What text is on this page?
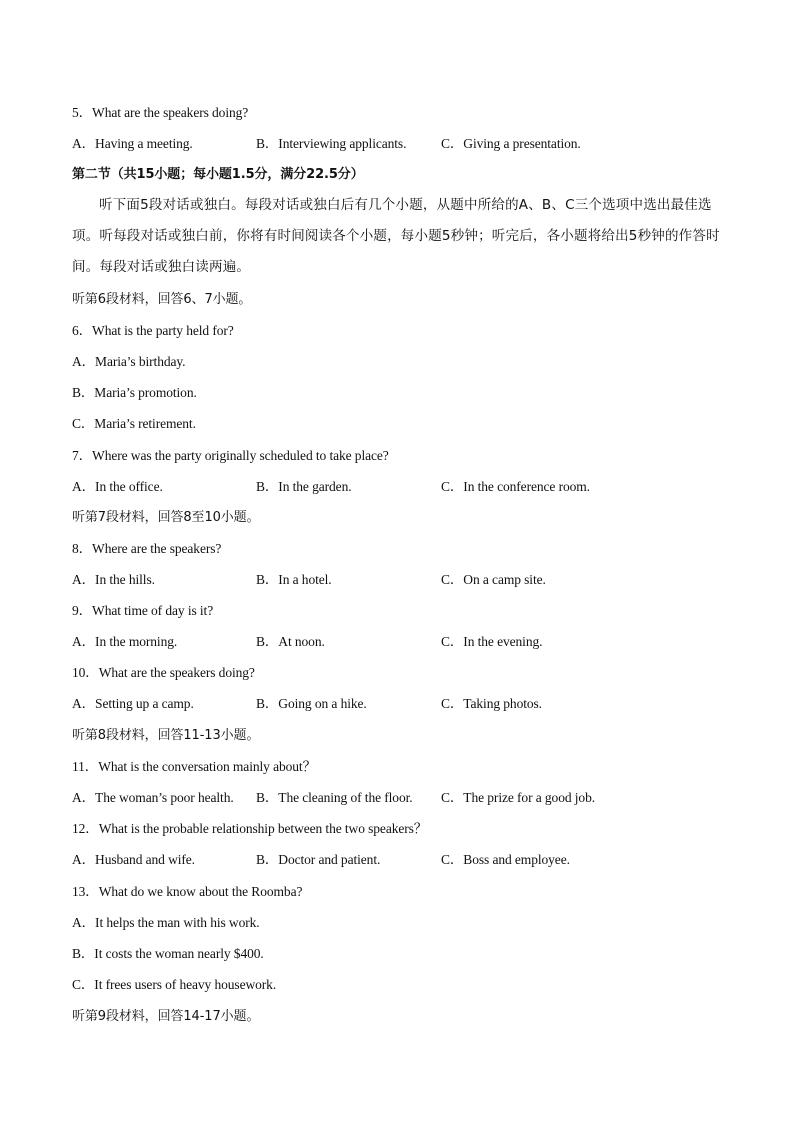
5．What are the speakers doing?
A．Having a meeting.	B．Interviewing applicants.	C．Giving a presentation.
第二节（共15小题；每小题1.5分，满分22.5分）
听下面5段对话或独白。每段对话或独白后有几个小题，从题中所给的A、B、C三个选项中选出最佳选项。听每段对话或独白前，你将有时间阅读各个小题，每小题5秒钟；听完后，各小题将给出5秒钟的作答时间。每段对话或独白读两遍。
听第6段材料，回答6、7小题。
6．What is the party held for?
A．Maria’s birthday.
B．Maria’s promotion.
C．Maria’s retirement.
7．Where was the party originally scheduled to take place?
A．In the office.	B．In the garden.	C．In the conference room.
听第7段材料，回答8至10小题。
8．Where are the speakers?
A．In the hills.	B．In a hotel.	C．On a camp site.
9．What time of day is it?
A．In the morning.	B．At noon.	C．In the evening.
10．What are the speakers doing?
A．Setting up a camp.	B．Going on a hike.	C．Taking photos.
听第8段材料，回答11-13小题。
11．What is the conversation mainly about？
A．The woman’s poor health. B．The cleaning of the floor. C．The prize for a good job.
12．What is the probable relationship between the two speakers？
A．Husband and wife.	B．Doctor and patient.	C．Boss and employee.
13．What do we know about the Roomba?
A．It helps the man with his work.
B．It costs the woman nearly $400.
C．It frees users of heavy housework.
听第9段材料，回答14-17小题。
